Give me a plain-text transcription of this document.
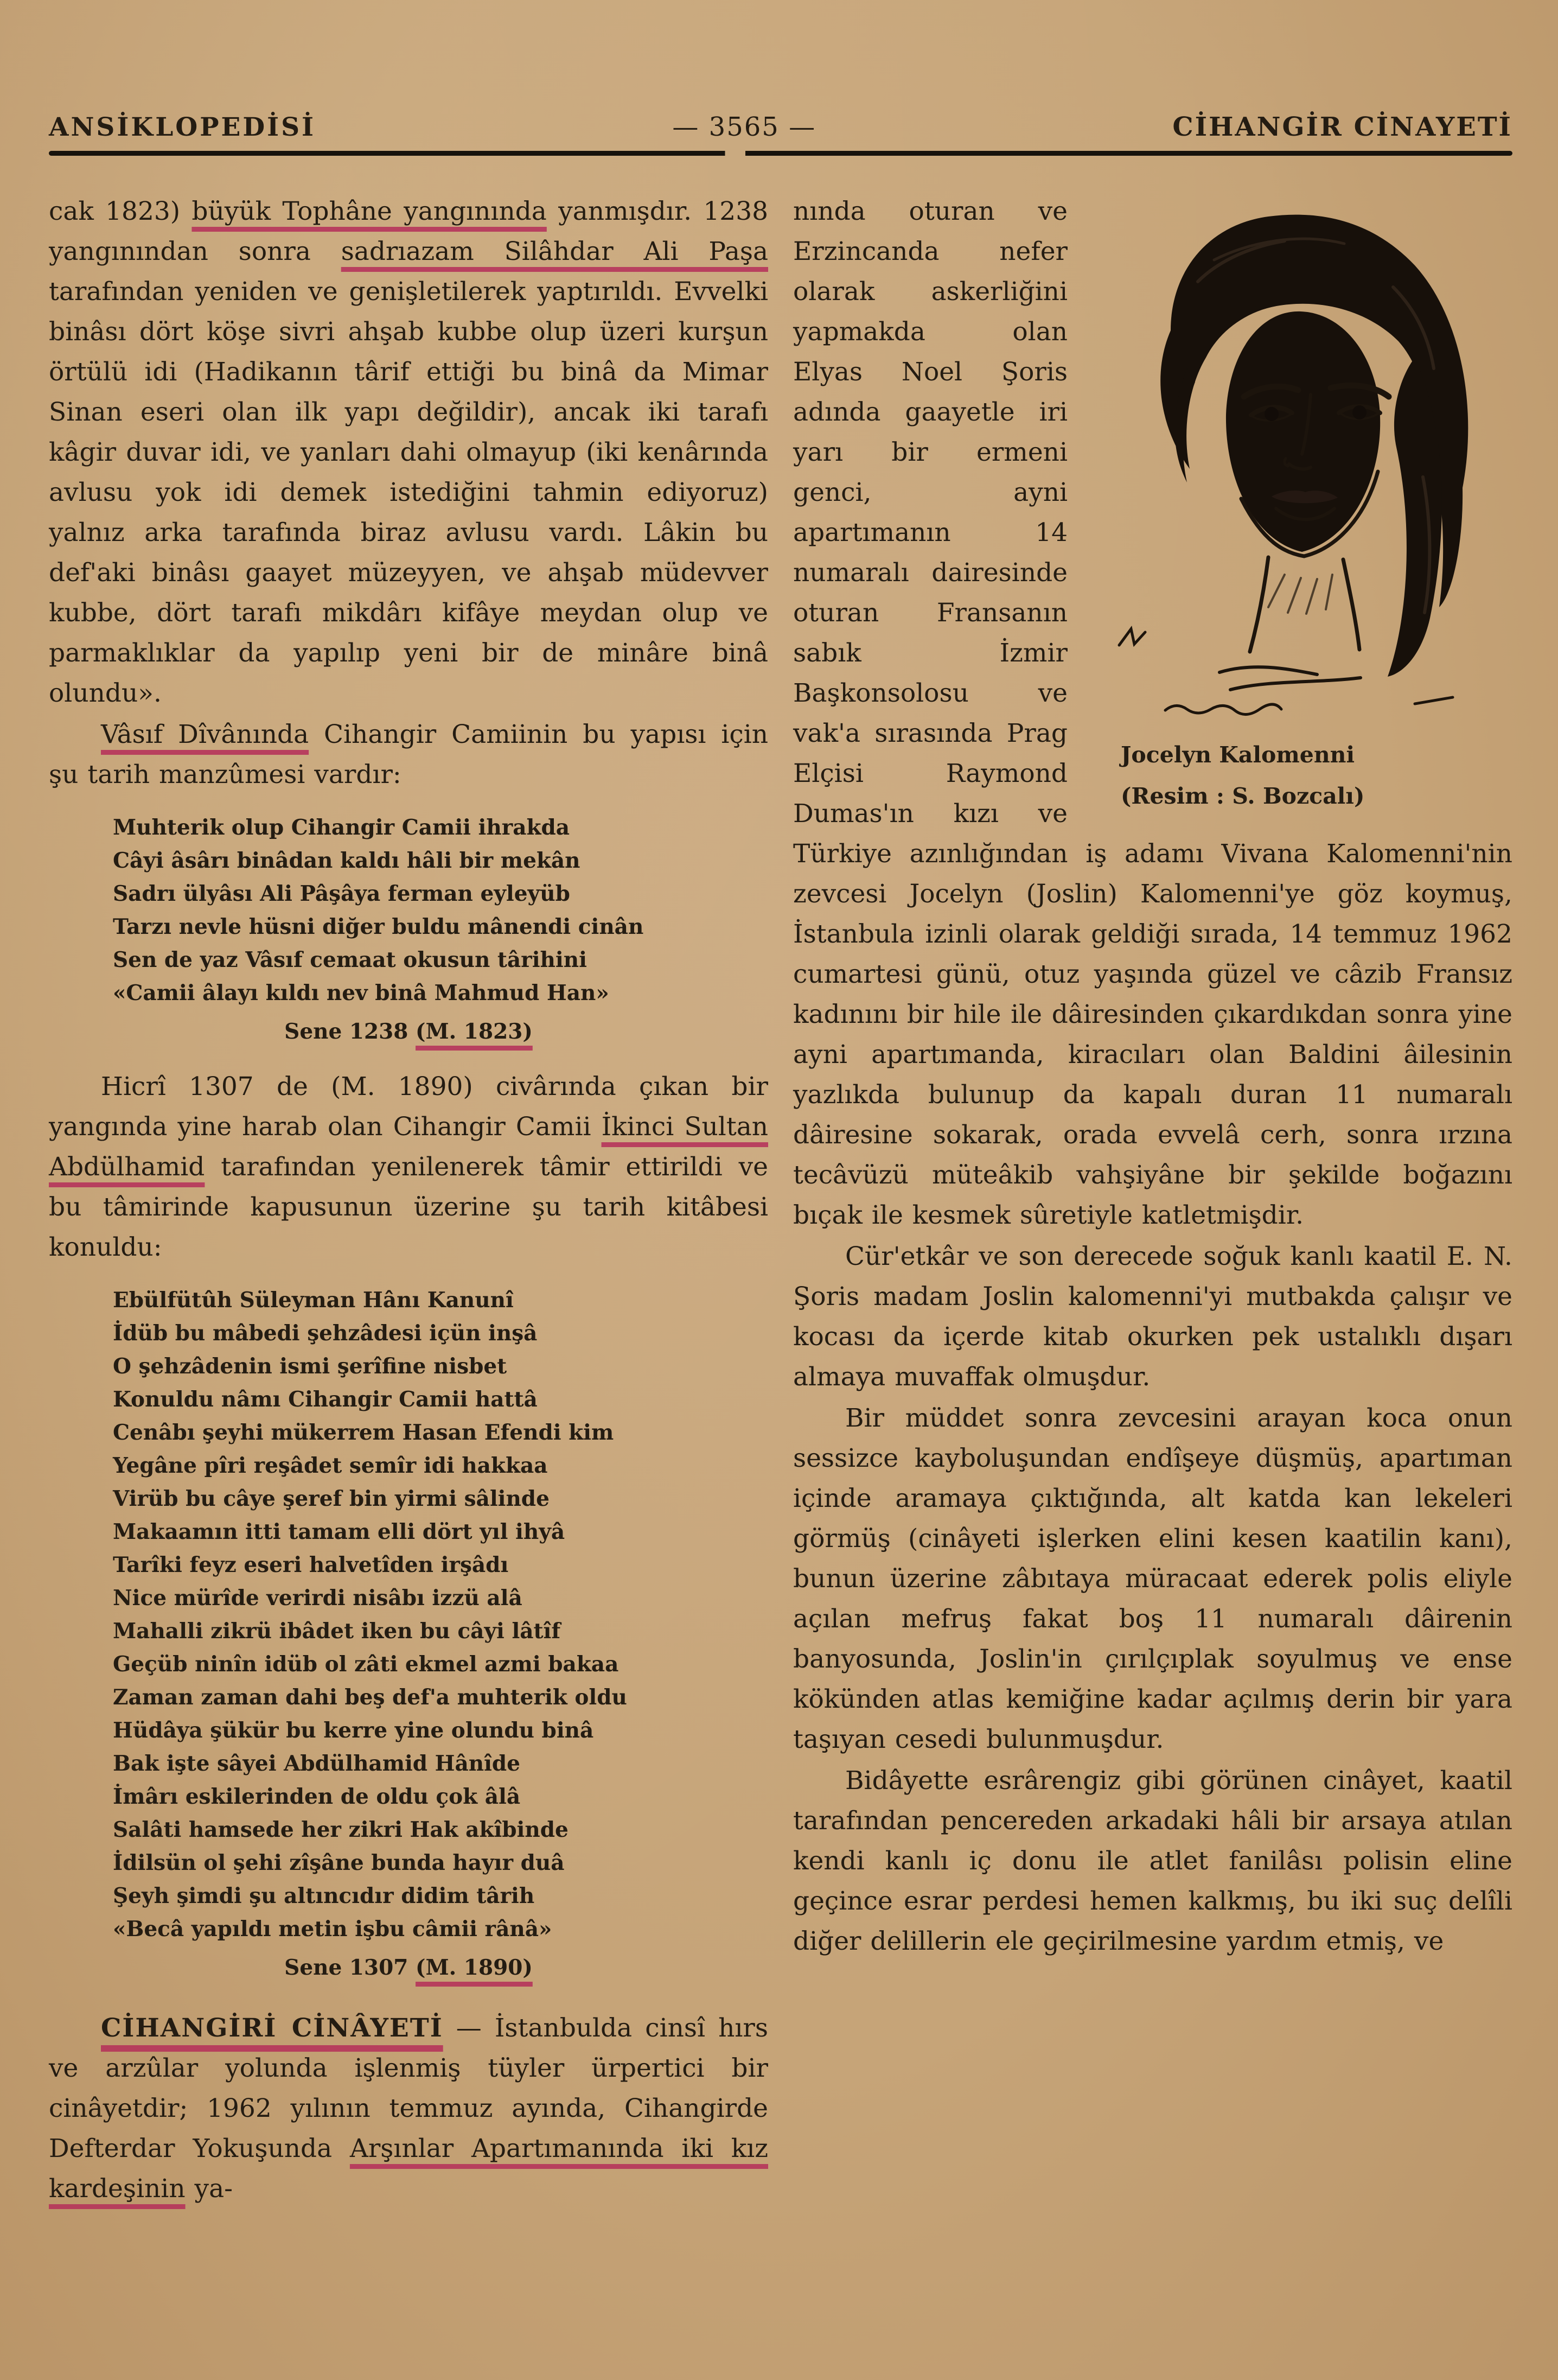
ANSİKLOPEDİSİ	— 3565 —	CİHANGİR CİNAYETİ

cak 1823) büyük Tophâne yangınında yanmışdır. 1238 yangınından sonra sadrıazam Silâhdar Ali Paşa tarafından yeniden ve genişletilerek yaptırıldı. Evvelki binâsı dört köşe sivri ahşab kubbe olup üzeri kurşun örtülü idi (Hadikanın târif ettiği bu binâ da Mimar Sinan eseri olan ilk yapı değildir), ancak iki tarafı kâgir duvar idi, ve yanları dahi olmayup (iki kenârında avlusu yok idi demek istediğini tahmin ediyoruz) yalnız arka tarafında biraz avlusu vardı. Lâkin bu def'aki binâsı gaayet müzeyyen, ve ahşab müdevver kubbe, dört tarafı mikdârı kifâye meydan olup ve parmaklıklar da yapılıp yeni bir de minâre binâ olundu».

Vâsıf Dîvânında Cihangir Camiinin bu yapısı için şu tarih manzûmesi vardır:

Muhterik olup Cihangir Camii ihrakda
Câyi âsârı binâdan kaldı hâli bir mekân
Sadrı ülyâsı Ali Pâşâya ferman eyleyüb
Tarzı nevle hüsni diğer buldu mânendi cinân
Sen de yaz Vâsıf cemaat okusun târihini
«Camii âlayı kıldı nev binâ Mahmud Han»
Sene 1238 (M. 1823)

Hicrî 1307 de (M. 1890) civârında çıkan bir yangında yine harab olan Cihangir Camii İkinci Sultan Abdülhamid tarafından yenilenerek tâmir ettirildi ve bu tâmirinde kapusunun üzerine şu tarih kitâbesi konuldu:

Ebülfütûh Süleyman Hânı Kanunî
İdüb bu mâbedi şehzâdesi içün inşâ
O şehzâdenin ismi şerîfine nisbet
Konuldu nâmı Cihangir Camii hattâ
Cenâbı şeyhi mükerrem Hasan Efendi kim
Yegâne pîri reşâdet semîr idi hakkaa
Virüb bu câye şeref bin yirmi sâlinde
Makaamın itti tamam elli dört yıl ihyâ
Tarîki feyz eseri halvetîden irşâdı
Nice mürîde verirdi nisâbı izzü alâ
Mahalli zikrü ibâdet iken bu câyi lâtîf
Geçüb ninîn idüb ol zâti ekmel azmi bakaa
Zaman zaman dahi beş def'a muhterik oldu
Hüdâya şükür bu kerre yine olundu binâ
Bak işte sâyei Abdülhamid Hânîde
İmârı eskilerinden de oldu çok âlâ
Salâti hamsede her zikri Hak akîbinde
İdilsün ol şehi zîşâne bunda hayır duâ
Şeyh şimdi şu altıncıdır didim târih
«Becâ yapıldı metin işbu câmii rânâ»
Sene 1307 (M. 1890)

CİHANGİRİ CİNÂYETİ — İstanbulda cinsî hırs ve arzûlar yolunda işlenmiş tüyler ürpertici bir cinâyetdir; 1962 yılının temmuz ayında, Cihangirde Defterdar Yokuşunda Arşınlar Apartımanında iki kız kardeşinin ya-

Jocelyn Kalomenni
(Resim : S. Bozcalı)

nında oturan ve Erzincanda nefer olarak askerliğini yapmakda olan Elyas Noel Şoris adında gaayetle iri yarı bir ermeni genci, ayni apartımanın 14 numaralı dairesinde oturan Fransanın sabık İzmir Başkonsolosu ve vak'a sırasında Prag Elçisi Raymond Dumas'ın kızı ve Türkiye azınlığından iş adamı Vivana Kalomenni'nin zevcesi Jocelyn (Joslin) Kalomenni'ye göz koymuş, İstanbula izinli olarak geldiği sırada, 14 temmuz 1962 cumartesi günü, otuz yaşında güzel ve câzib Fransız kadınını bir hile ile dâiresinden çıkardıkdan sonra yine ayni apartımanda, kiracıları olan Baldini âilesinin yazlıkda bulunup da kapalı duran 11 numaralı dâiresine sokarak, orada evvelâ cerh, sonra ırzına tecâvüzü müteâkib vahşiyâne bir şekilde boğazını bıçak ile kesmek sûretiyle katletmişdir.

Cür'etkâr ve son derecede soğuk kanlı kaatil E. N. Şoris madam Joslin kalomenni'yi mutbakda çalışır ve kocası da içerde kitab okurken pek ustalıklı dışarı almaya muvaffak olmuşdur.

Bir müddet sonra zevcesini arayan koca onun sessizce kayboluşundan endîşeye düşmüş, apartıman içinde aramaya çıktığında, alt katda kan lekeleri görmüş (cinâyeti işlerken elini kesen kaatilin kanı), bunun üzerine zâbıtaya müracaat ederek polis eliyle açılan mefruş fakat boş 11 numaralı dâirenin banyosunda, Joslin'in çırılçıplak soyulmuş ve ense kökünden atlas kemiğine kadar açılmış derin bir yara taşıyan cesedi bulunmuşdur.

Bidâyette esrârengiz gibi görünen cinâyet, kaatil tarafından pencereden arkadaki hâli bir arsaya atılan kendi kanlı iç donu ile atlet fanilâsı polisin eline geçince esrar perdesi hemen kalkmış, bu iki suç delîli diğer delillerin ele geçirilmesine yardım etmiş, ve
